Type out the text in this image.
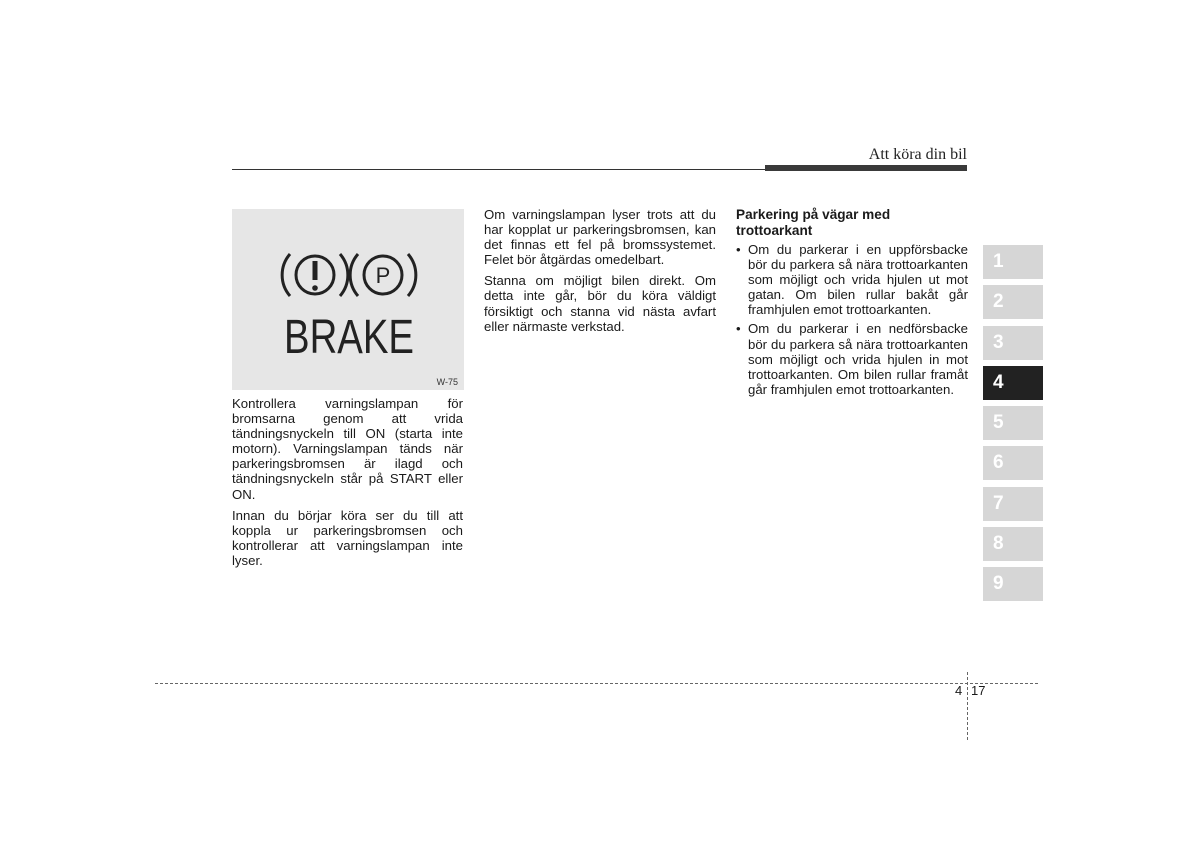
Att köra din bil
P
BRAKE
W-75

Kontrollera varningslampan för bromsarna genom att vrida tändningsnyckeln till ON (starta inte motorn). Varningslampan tänds när parkeringsbromsen är ilagd och tändningsnyckeln står på START eller ON.

Innan du börjar köra ser du till att koppla ur parkeringsbromsen och kontrollerar att varningslampan inte lyser.

Om varningslampan lyser trots att du har kopplat ur parkeringsbromsen, kan det finnas ett fel på bromssystemet. Felet bör åtgärdas omedelbart.

Stanna om möjligt bilen direkt. Om detta inte går, bör du köra väldigt försiktigt och stanna vid nästa avfart eller närmaste verkstad.

Parkering på vägar med trottoarkant
• Om du parkerar i en uppförsbacke bör du parkera så nära trottoarkanten som möjligt och vrida hjulen ut mot gatan. Om bilen rullar bakåt går framhjulen emot trottoarkanten.
• Om du parkerar i en nedförsbacke bör du parkera så nära trottoarkanten som möjligt och vrida hjulen in mot trottoarkanten. Om bilen rullar framåt går framhjulen emot trottoarkanten.
1
2
3
4
5
6
7
8
9
4 17
